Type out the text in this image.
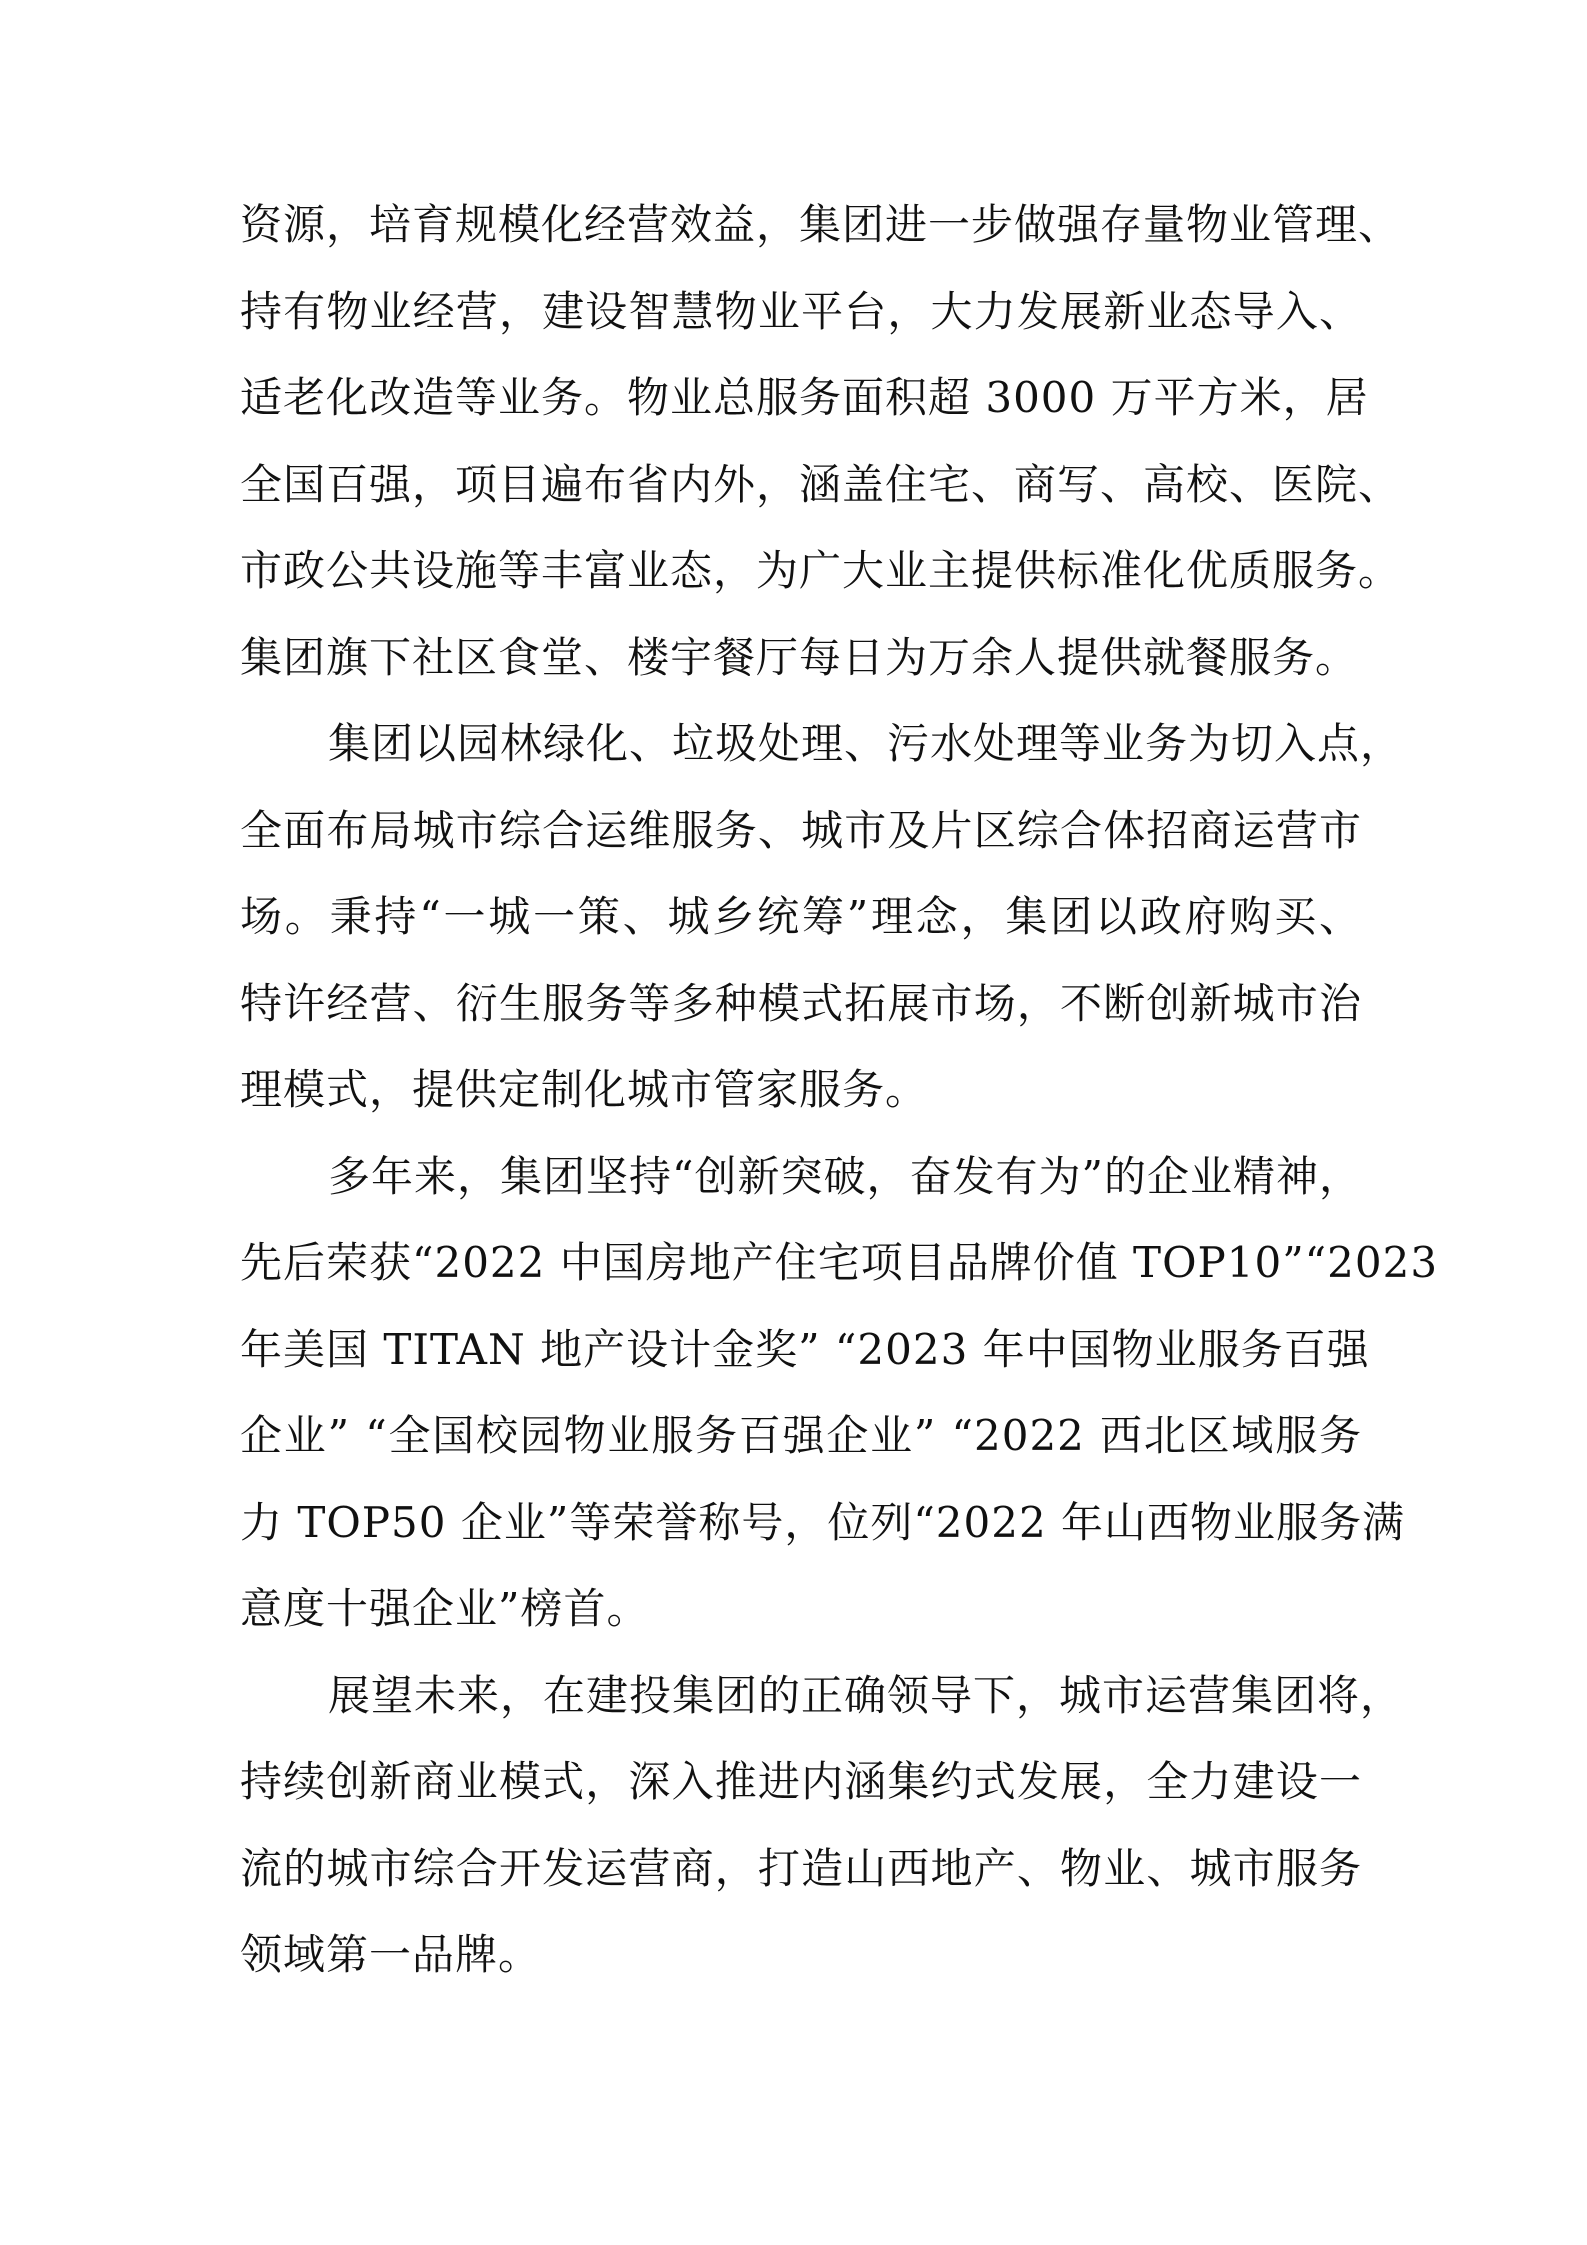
资源，培育规模化经营效益，集团进一步做强存量物业管理、
持有物业经营，建设智慧物业平台，大力发展新业态导入、
适老化改造等业务。物业总服务面积超 3000 万平方米，居
全国百强，项目遍布省内外，涵盖住宅、商写、高校、医院、
市政公共设施等丰富业态，为广大业主提供标准化优质服务。
集团旗下社区食堂、楼宇餐厅每日为万余人提供就餐服务。

集团以园林绿化、垃圾处理、污水处理等业务为切入点，
全面布局城市综合运维服务、城市及片区综合体招商运营市
场。秉持“一城一策、城乡统筹”理念，集团以政府购买、
特许经营、衍生服务等多种模式拓展市场，不断创新城市治
理模式，提供定制化城市管家服务。

多年来，集团坚持“创新突破，奋发有为”的企业精神，
先后荣获“2022 中国房地产住宅项目品牌价值 TOP10”“2023
年美国 TITAN 地产设计金奖” “2023 年中国物业服务百强
企业” “全国校园物业服务百强企业” “2022 西北区域服务
力 TOP50 企业”等荣誉称号，位列“2022 年山西物业服务满
意度十强企业”榜首。

展望未来，在建投集团的正确领导下，城市运营集团将，
持续创新商业模式，深入推进内涵集约式发展，全力建设一
流的城市综合开发运营商，打造山西地产、物业、城市服务
领域第一品牌。
